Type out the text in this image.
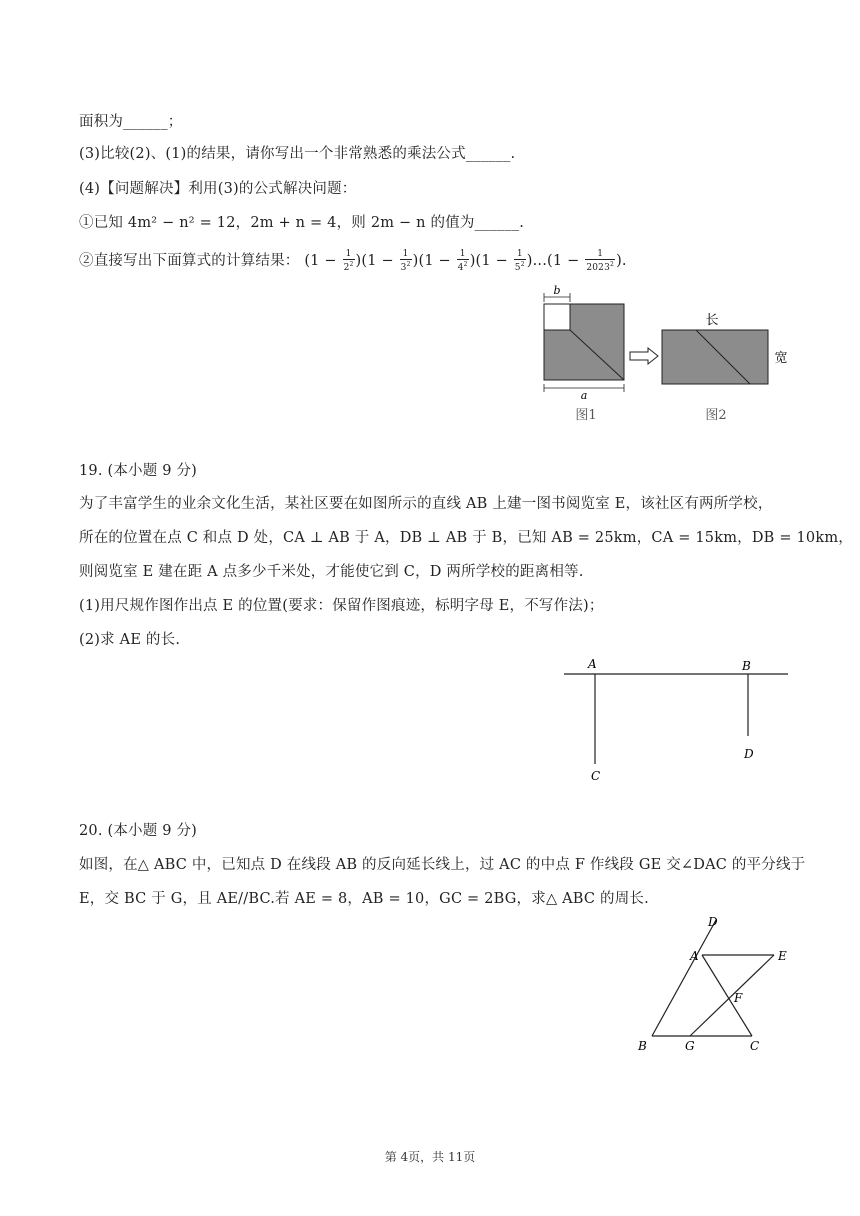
面积为______；
(3)比较(2)、(1)的结果，请你写出一个非常熟悉的乘法公式______.
(4)【问题解决】利用(3)的公式解决问题：
①已知 4m² − n² = 12，2m + n = 4，则 2m − n 的值为______.
②直接写出下面算式的计算结果： $(1 - \frac{1}{2^2} )(1 - \frac{1}{3^2} )(1 - \frac{1}{4^2} )(1 - \frac{1}{5^2} )...(1 - \frac{1}{2023^2}$ ).
b
a
图1
长
宽
图2
19. (本小题 9 分)
为了丰富学生的业余文化生活，某社区要在如图所示的直线 AB 上建一图书阅览室 E，该社区有两所学校，
所在的位置在点 C 和点 D 处，CA ⊥ AB 于 A，DB ⊥ AB 于 B，已知 AB = 25km，CA = 15km，DB = 10km，
则阅览室 E 建在距 A 点多少千米处，才能使它到 C，D 两所学校的距离相等.
(1)用尺规作图作出点 E 的位置(要求：保留作图痕迹，标明字母 E，不写作法)；
(2)求 AE 的长.
A	B
C
D
20. (本小题 9 分)
如图，在△ ABC 中，已知点 D 在线段 AB 的反向延长线上，过 AC 的中点 F 作线段 GE 交∠DAC 的平分线于
E，交 BC 于 G，且 AE//BC.若 AE = 8，AB = 10，GC = 2BG，求△ ABC 的周长.
A
B	C
D
E
F
G
第 4页，共 11页
